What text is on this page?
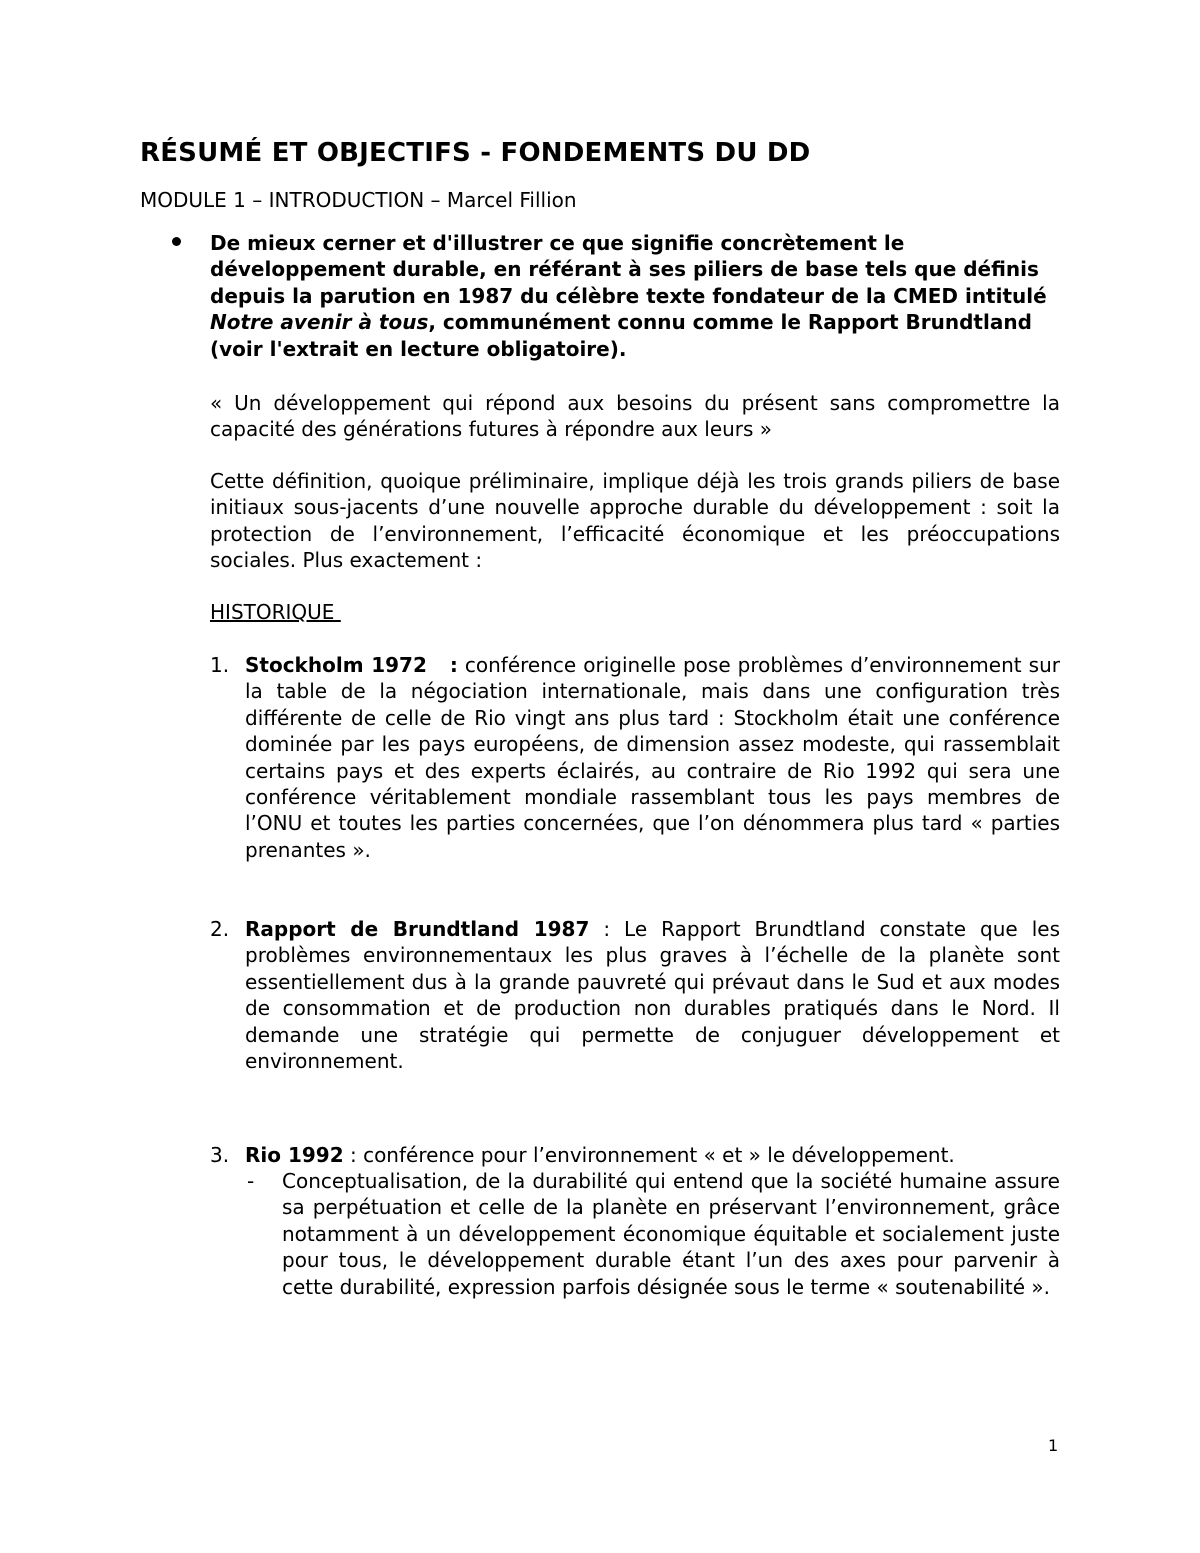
RÉSUMÉ ET OBJECTIFS - FONDEMENTS DU DD
MODULE 1 – INTRODUCTION – Marcel Fillion
De mieux cerner et d'illustrer ce que signifie concrètement le développement durable, en référant à ses piliers de base tels que définis depuis la parution en 1987 du célèbre texte fondateur de la CMED intitulé Notre avenir à tous, communément connu comme le Rapport Brundtland (voir l'extrait en lecture obligatoire).
« Un développement qui répond aux besoins du présent sans compromettre la capacité des générations futures à répondre aux leurs »
Cette définition, quoique préliminaire, implique déjà les trois grands piliers de base initiaux sous-jacents d’une nouvelle approche durable du développement : soit la protection de l’environnement, l’efficacité économique et les préoccupations sociales. Plus exactement :
HISTORIQUE
1. Stockholm 1972   : conférence originelle pose problèmes d’environnement sur la table de la négociation internationale, mais dans une configuration très différente de celle de Rio vingt ans plus tard : Stockholm était une conférence dominée par les pays européens, de dimension assez modeste, qui rassemblait certains pays et des experts éclairés, au contraire de Rio 1992 qui sera une conférence véritablement mondiale rassemblant tous les pays membres de l’ONU et toutes les parties concernées, que l’on dénommera plus tard « parties prenantes ».
2. Rapport de Brundtland 1987 : Le Rapport Brundtland constate que les problèmes environnementaux les plus graves à l’échelle de la planète sont essentiellement dus à la grande pauvreté qui prévaut dans le Sud et aux modes de consommation et de production non durables pratiqués dans le Nord. Il demande une stratégie qui permette de conjuguer développement et environnement.
3. Rio 1992 : conférence pour l’environnement « et » le développement.
- Conceptualisation, de la durabilité qui entend que la société humaine assure sa perpétuation et celle de la planète en préservant l’environnement, grâce notamment à un développement économique équitable et socialement juste pour tous, le développement durable étant l’un des axes pour parvenir à cette durabilité, expression parfois désignée sous le terme « soutenabilité ».
1
